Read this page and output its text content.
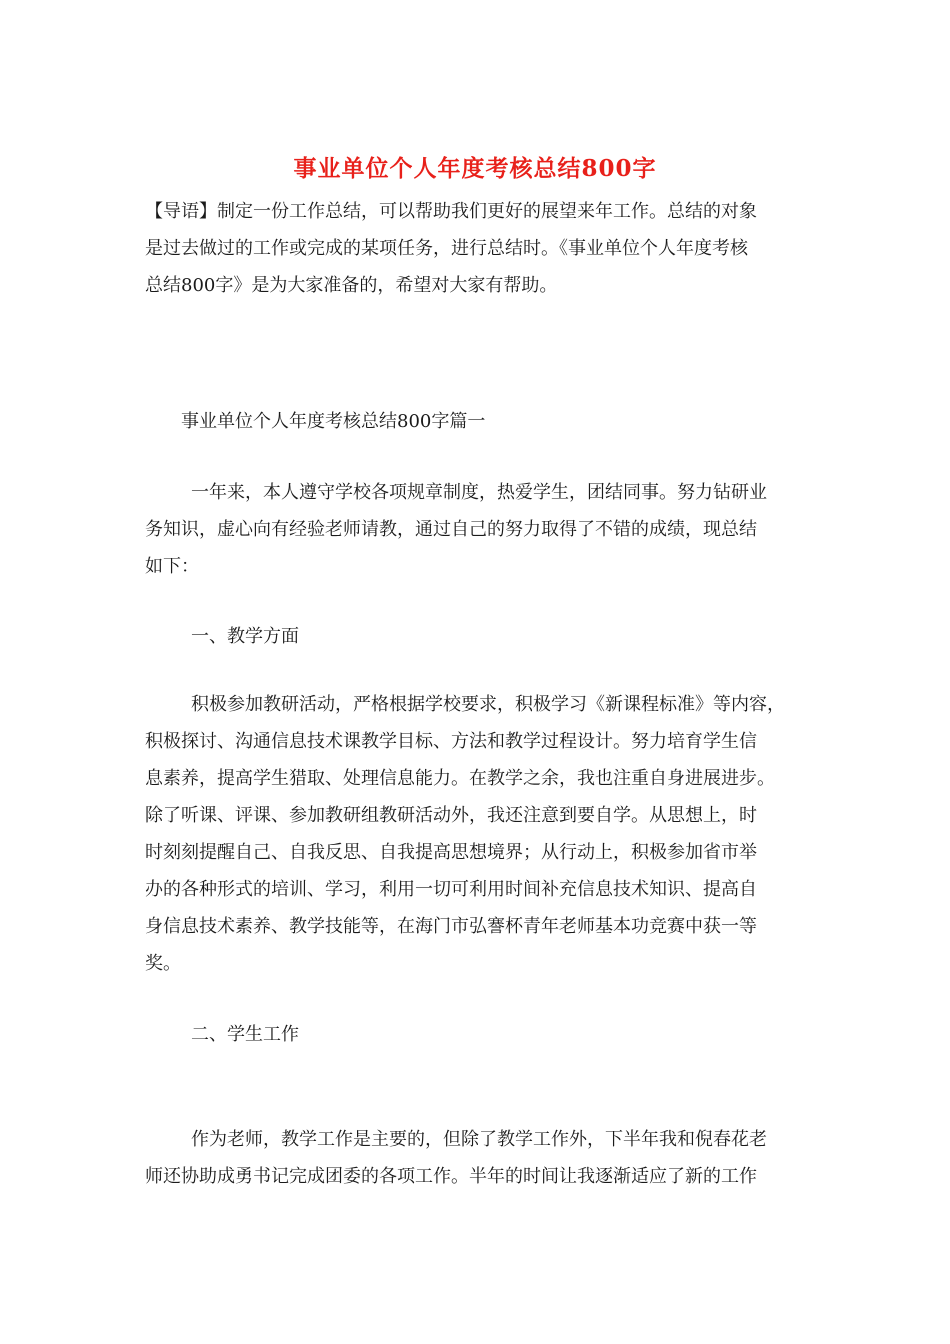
事业单位个人年度考核总结800字
【导语】制定一份工作总结，可以帮助我们更好的展望来年工作。总结的对象
是过去做过的工作或完成的某项任务，进行总结时。《事业单位个人年度考核
总结800字》是为大家准备的，希望对大家有帮助。
事业单位个人年度考核总结800字篇一
一年来，本人遵守学校各项规章制度，热爱学生，团结同事。努力钻研业
务知识，虚心向有经验老师请教，通过自己的努力取得了不错的成绩，现总结
如下：
一、教学方面
积极参加教研活动，严格根据学校要求，积极学习《新课程标准》等内容，
积极探讨、沟通信息技术课教学目标、方法和教学过程设计。努力培育学生信
息素养，提高学生猎取、处理信息能力。在教学之余，我也注重自身进展进步。
除了听课、评课、参加教研组教研活动外，我还注意到要自学。从思想上，时
时刻刻提醒自己、自我反思、自我提高思想境界；从行动上，积极参加省市举
办的各种形式的培训、学习，利用一切可利用时间补充信息技术知识、提高自
身信息技术素养、教学技能等，在海门市弘謇杯青年老师基本功竞赛中获一等
奖。
二、学生工作
作为老师，教学工作是主要的，但除了教学工作外，下半年我和倪春花老
师还协助成勇书记完成团委的各项工作。半年的时间让我逐渐适应了新的工作
